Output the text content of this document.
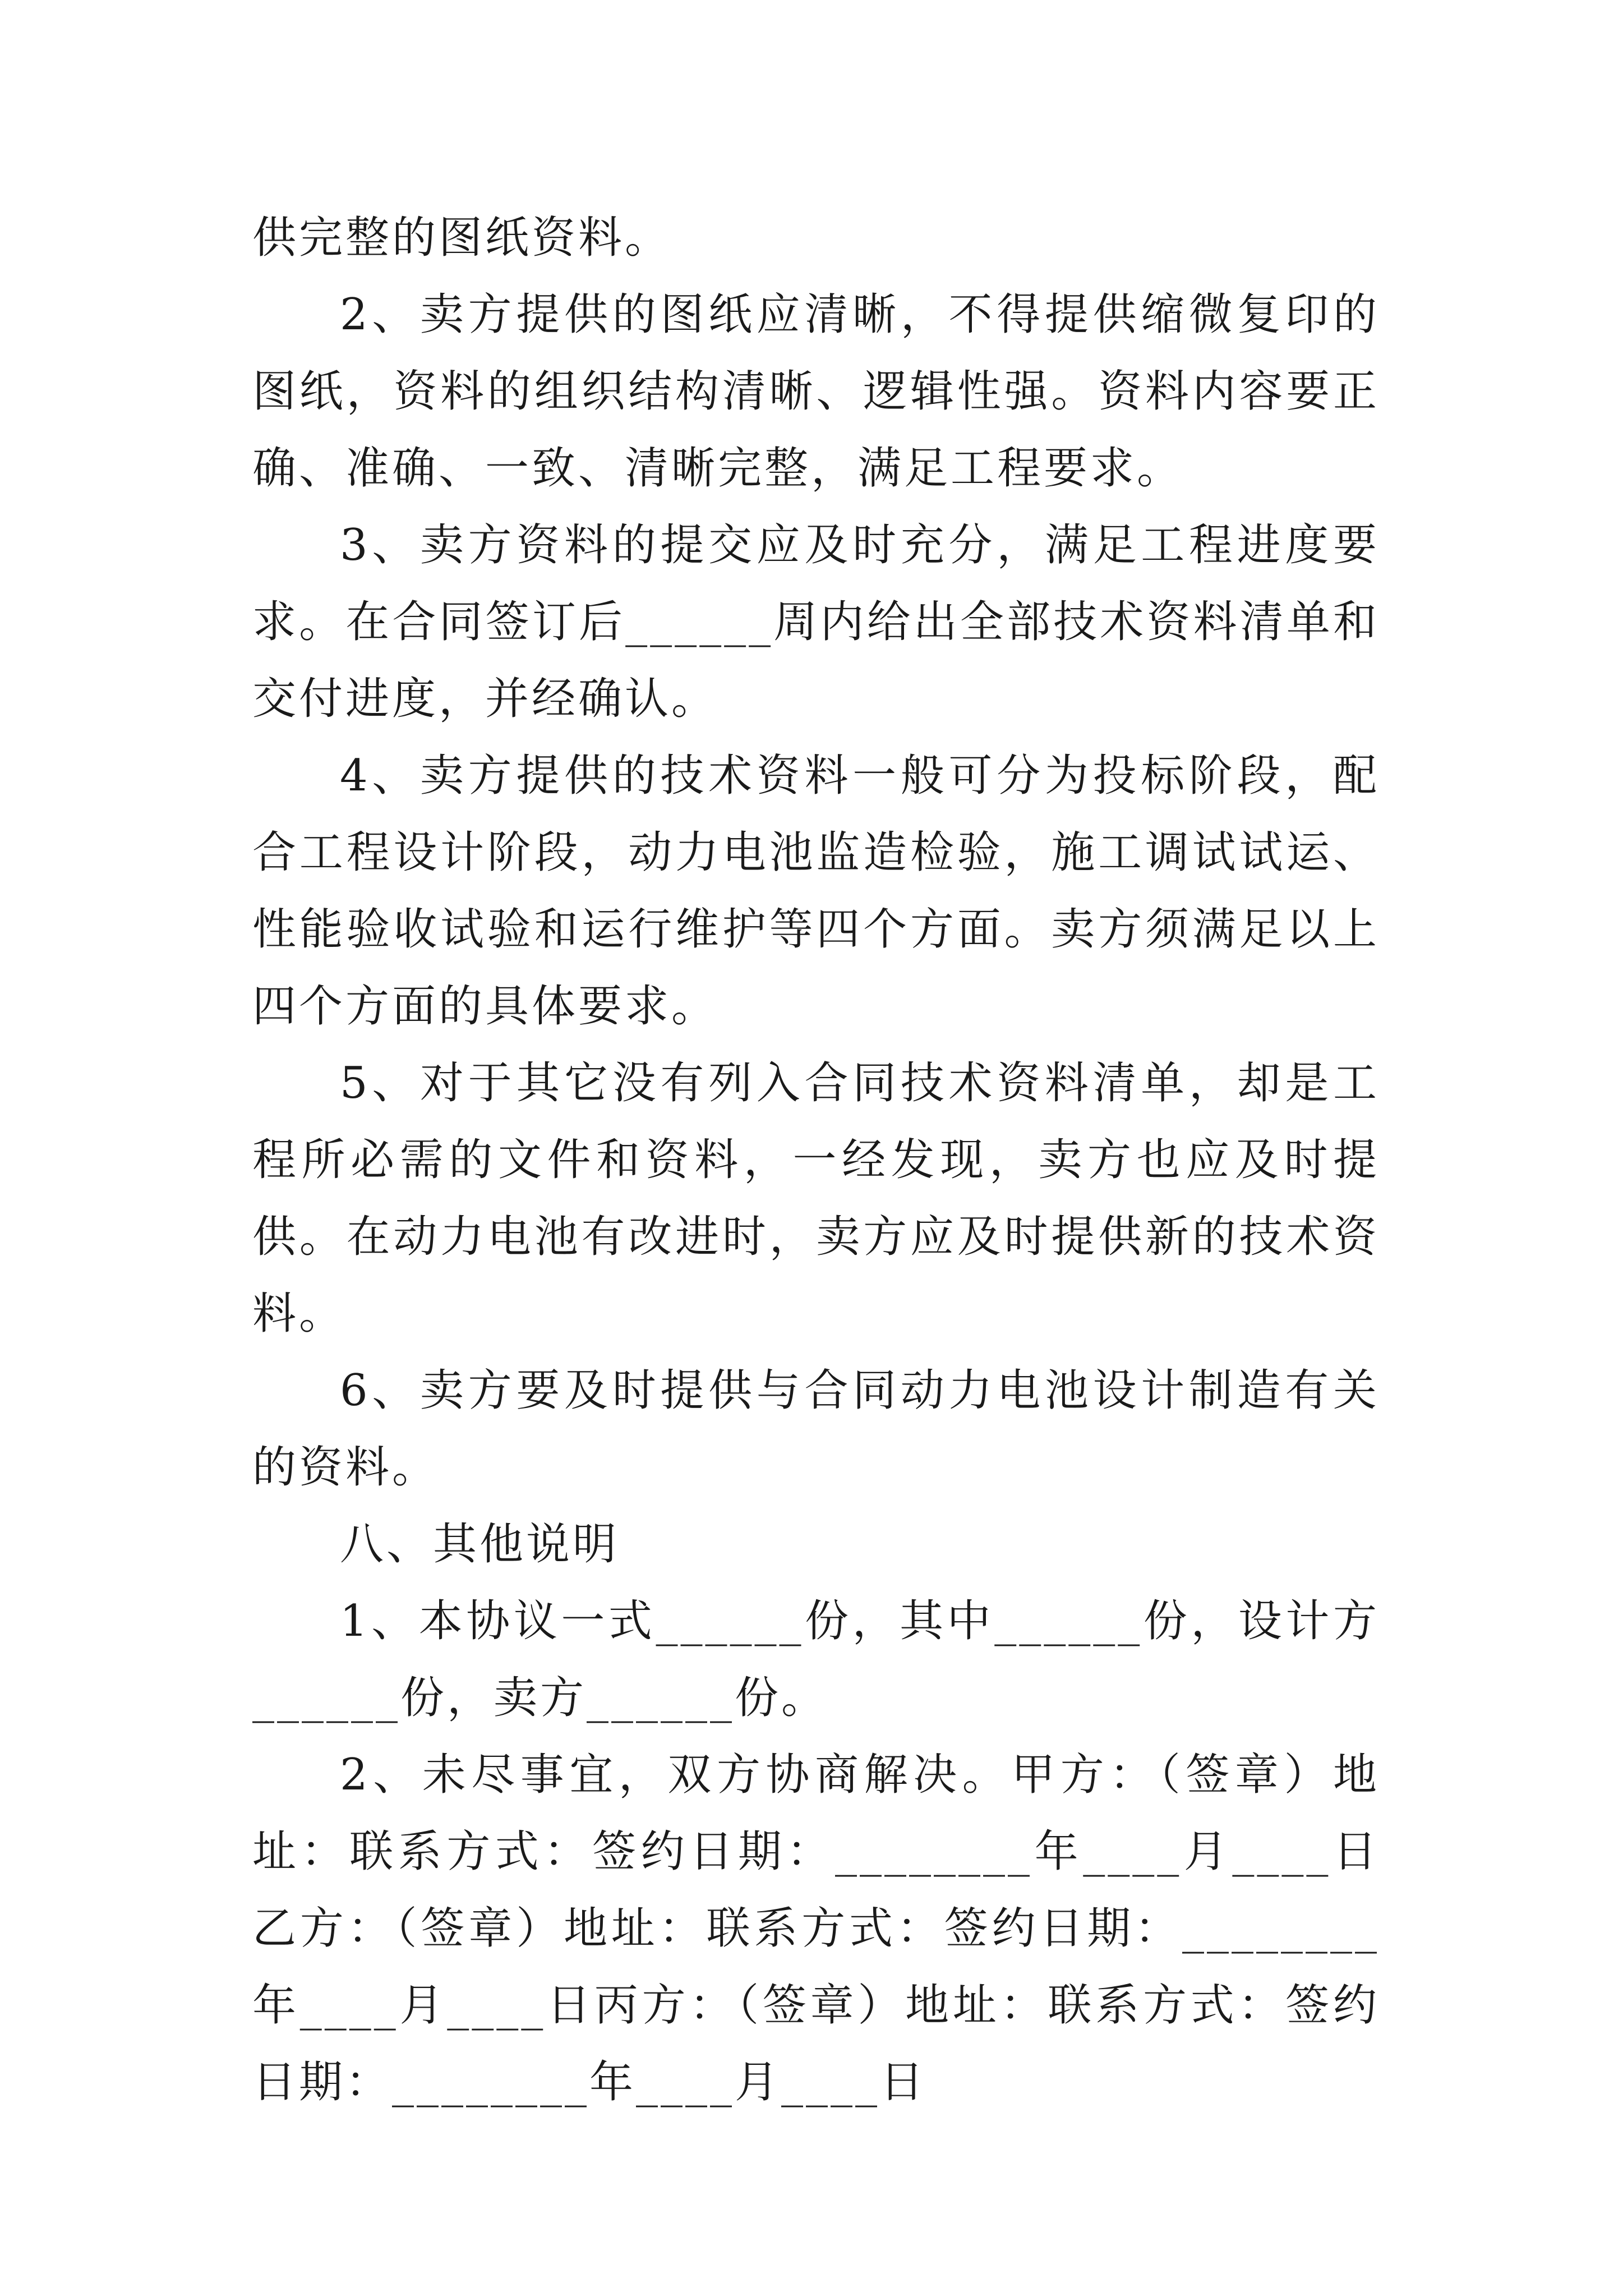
供完整的图纸资料。

2、卖方提供的图纸应清晰，不得提供缩微复印的图纸，资料的组织结构清晰、逻辑性强。资料内容要正确、准确、一致、清晰完整，满足工程要求。

3、卖方资料的提交应及时充分，满足工程进度要求。在合同签订后______周内给出全部技术资料清单和交付进度，并经确认。

4、卖方提供的技术资料一般可分为投标阶段，配合工程设计阶段，动力电池监造检验，施工调试试运、性能验收试验和运行维护等四个方面。卖方须满足以上四个方面的具体要求。

5、对于其它没有列入合同技术资料清单，却是工程所必需的文件和资料，一经发现，卖方也应及时提供。在动力电池有改进时，卖方应及时提供新的技术资料。

6、卖方要及时提供与合同动力电池设计制造有关的资料。

八、其他说明

1、本协议一式______份，其中______份，设计方______份，卖方______份。

2、未尽事宜，双方协商解决。甲方：（签章）地址：联系方式：签约日期：________年____月____日乙方：（签章）地址：联系方式：签约日期：________年____月____日丙方：（签章）地址：联系方式：签约日期：________年____月____日
